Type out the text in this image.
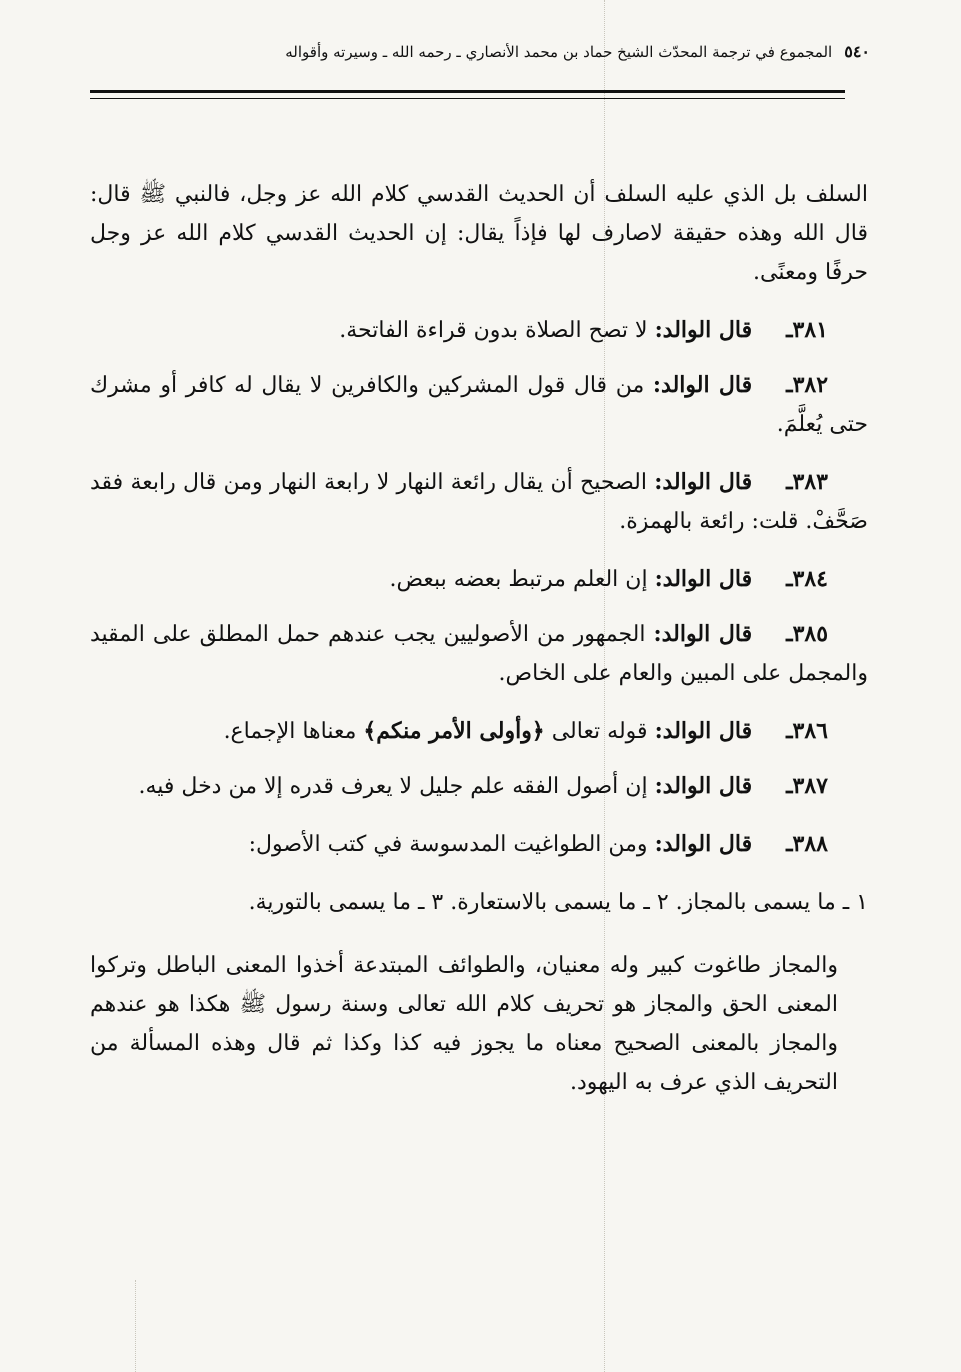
٥٤٠المجموع في ترجمة المحدّث الشيخ حماد بن محمد الأنصاري ـ رحمه الله ـ وسيرته وأقواله

السلف بل الذي عليه السلف أن الحديث القدسي كلام الله عز وجل، فالنبي ﷺ قال: قال الله وهذه حقيقة لاصارف لها فإذاً يقال: إن الحديث القدسي كلام الله عز وجل حرفًا ومعنًى.

٣٨١ـقال الوالد: لا تصح الصلاة بدون قراءة الفاتحة.

٣٨٢ـقال الوالد: من قال قول المشركين والكافرين لا يقال له كافر أو مشرك حتى يُعلَّمَ.

٣٨٣ـقال الوالد: الصحيح أن يقال رائعة النهار لا رابعة النهار ومن قال رابعة فقد صَحَّفْ. قلت: رائعة بالهمزة.

٣٨٤ـقال الوالد: إن العلم مرتبط بعضه ببعض.

٣٨٥ـقال الوالد: الجمهور من الأصوليين يجب عندهم حمل المطلق على المقيد والمجمل على المبين والعام على الخاص.

٣٨٦ـقال الوالد: قوله تعالى ﴿وأولى الأمر منكم﴾ معناها الإجماع.

٣٨٧ـقال الوالد: إن أصول الفقه علم جليل لا يعرف قدره إلا من دخل فيه.

٣٨٨ـقال الوالد: ومن الطواغيت المدسوسة في كتب الأصول:

١ ـ ما يسمى بالمجاز. ٢ ـ ما يسمى بالاستعارة. ٣ ـ ما يسمى بالتورية.

والمجاز طاغوت كبير وله معنيان، والطوائف المبتدعة أخذوا المعنى الباطل وتركوا المعنى الحق والمجاز هو تحريف كلام الله تعالى وسنة رسول ﷺ هكذا هو عندهم والمجاز بالمعنى الصحيح معناه ما يجوز فيه كذا وكذا ثم قال وهذه المسألة من التحريف الذي عرف به اليهود.
